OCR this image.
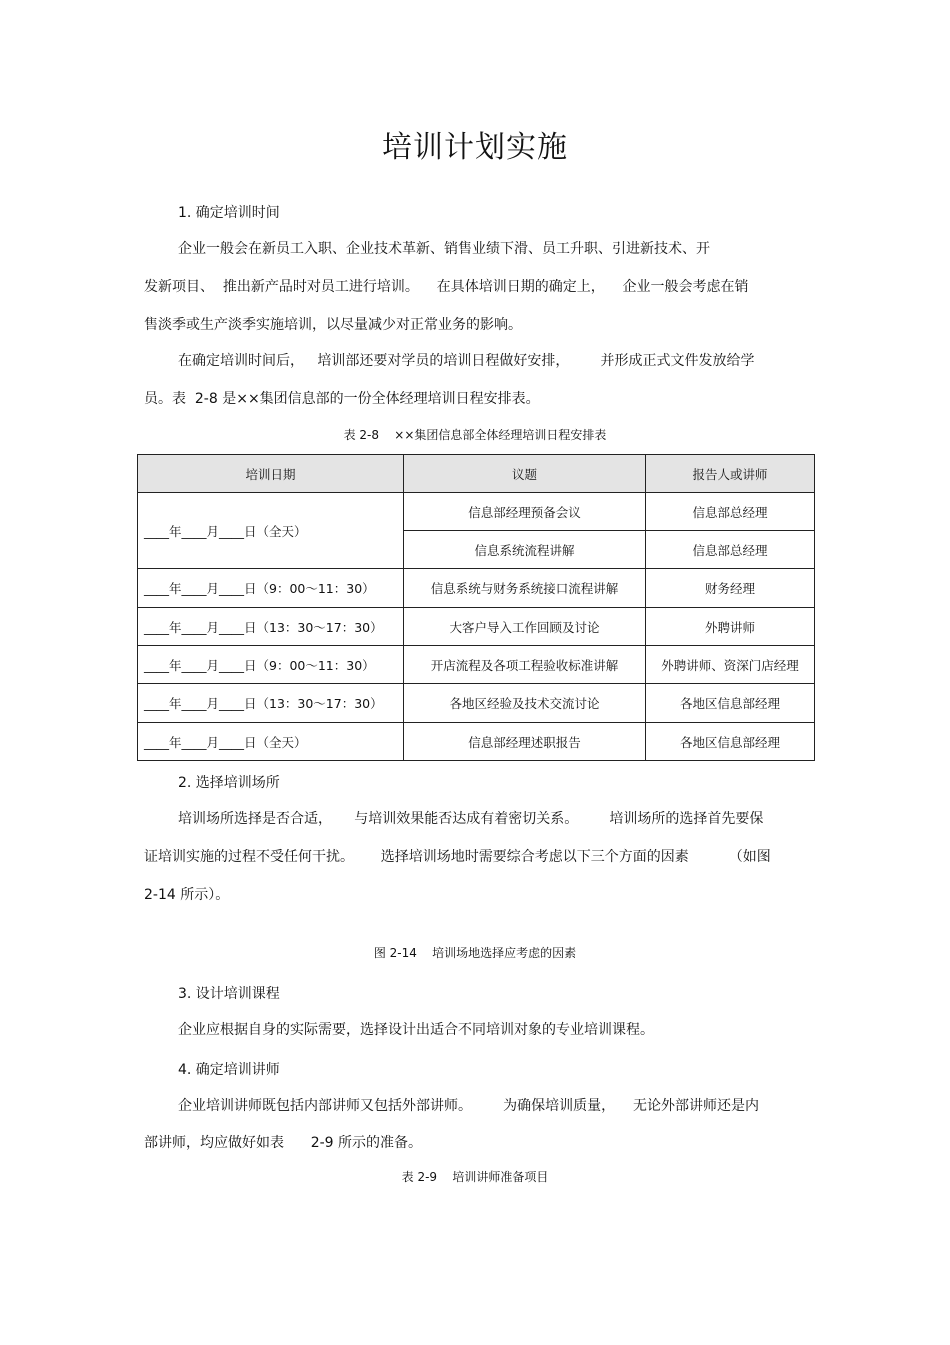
培训计划实施

1. 确定培训时间

企业一般会在新员工入职、企业技术革新、销售业绩下滑、员工升职、引进新技术、开

发新项目、  推出新产品时对员工进行培训。    在具体培训日期的确定上，    企业一般会考虑在销

售淡季或生产淡季实施培训，以尽量减少对正常业务的影响。

在确定培训时间后，   培训部还要对学员的培训日程做好安排，       并形成正式文件发放给学

员。表  2-8 是××集团信息部的一份全体经理培训日程安排表。

表 2-8    ××集团信息部全体经理培训日程安排表

培训日期	议题	报告人或讲师
____年____月____日（全天）	信息部经理预备会议	信息部总经理
	信息系统流程讲解	信息部总经理
____年____月____日（9：00～11：30）	信息系统与财务系统接口流程讲解	财务经理
____年____月____日（13：30～17：30）	大客户导入工作回顾及讨论	外聘讲师
____年____月____日（9：00～11：30）	开店流程及各项工程验收标准讲解	外聘讲师、资深门店经理
____年____月____日（13：30～17：30）	各地区经验及技术交流讨论	各地区信息部经理
____年____月____日（全天）	信息部经理述职报告	各地区信息部经理

2. 选择培训场所

培训场所选择是否合适，     与培训效果能否达成有着密切关系。       培训场所的选择首先要保

证培训实施的过程不受任何干扰。      选择培训场地时需要综合考虑以下三个方面的因素         （如图

2-14 所示）。

图 2-14    培训场地选择应考虑的因素

3. 设计培训课程

企业应根据自身的实际需要，选择设计出适合不同培训对象的专业培训课程。

4. 确定培训讲师

企业培训讲师既包括内部讲师又包括外部讲师。       为确保培训质量，    无论外部讲师还是内

部讲师，均应做好如表      2-9 所示的准备。

表 2-9    培训讲师准备项目
